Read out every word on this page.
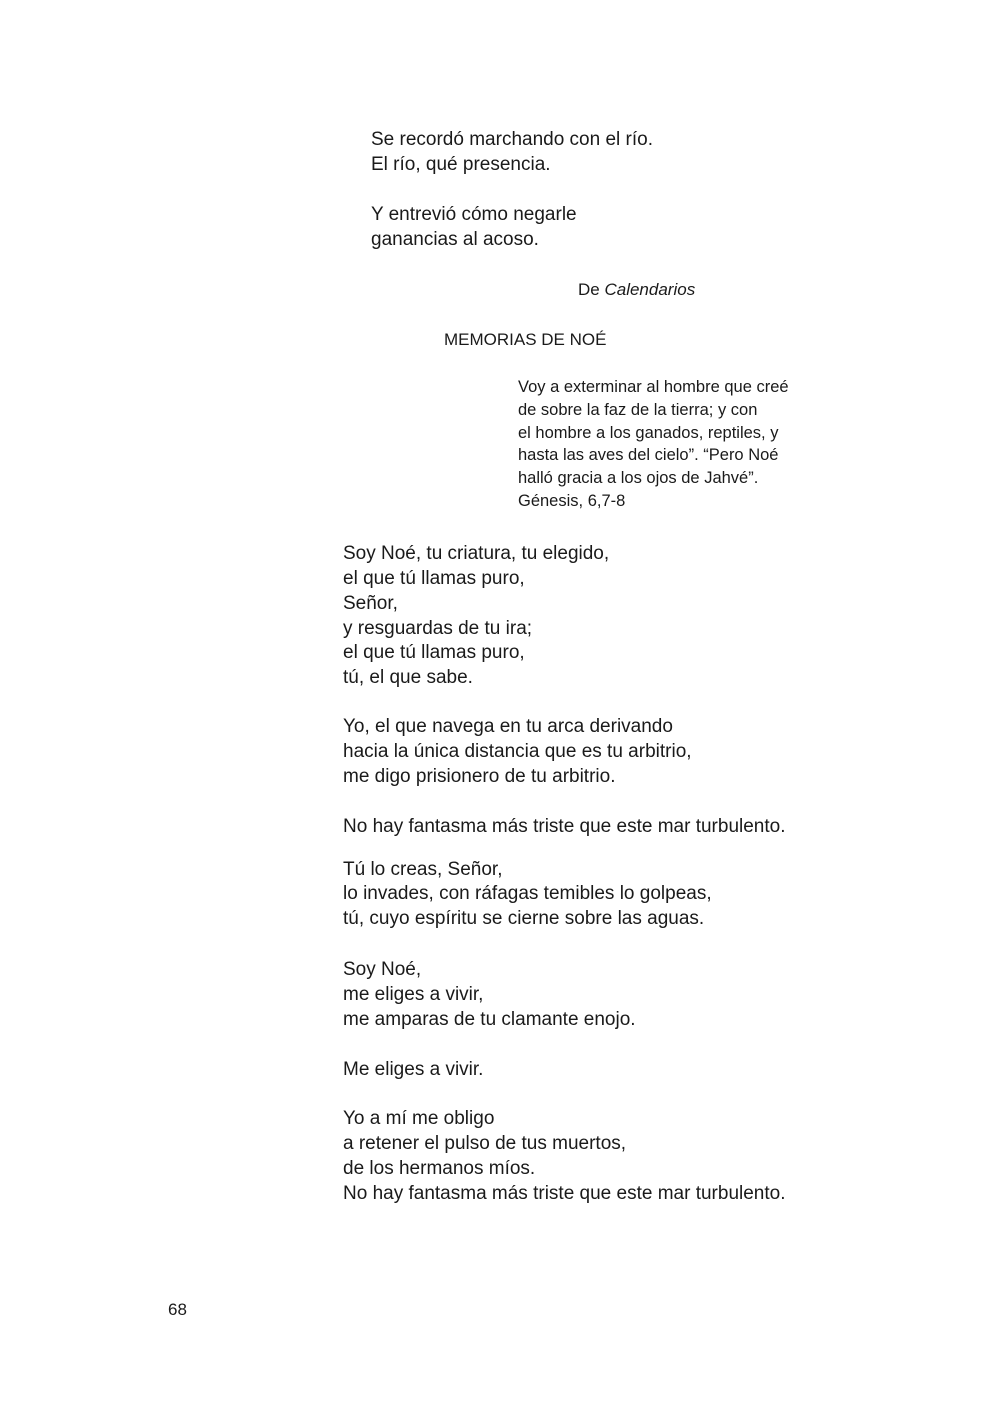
Se recordó marchando con el río.
El río, qué presencia.
Y entrevió cómo negarle
ganancias al acoso.
De Calendarios
MEMORIAS DE NOÉ
Voy a exterminar al hombre que creé
de sobre la faz de la tierra; y con
el hombre a los ganados, reptiles, y
hasta las aves del cielo”. “Pero Noé
halló gracia a los ojos de Jahvé”.
Génesis, 6,7-8
Soy Noé, tu criatura, tu elegido,
el que tú llamas puro,
Señor,
y resguardas de tu ira;
el que tú llamas puro,
tú, el que sabe.
Yo, el que navega en tu arca derivando
hacia la única distancia que es tu arbitrio,
me digo prisionero de tu arbitrio.
No hay fantasma más triste que este mar turbulento.
Tú lo creas, Señor,
lo invades, con ráfagas temibles lo golpeas,
tú, cuyo espíritu se cierne sobre las aguas.
Soy Noé,
me eliges a vivir,
me amparas de tu clamante enojo.
Me eliges a vivir.
Yo a mí me obligo
a retener el pulso de tus muertos,
de los hermanos míos.
No hay fantasma más triste que este mar turbulento.
68
